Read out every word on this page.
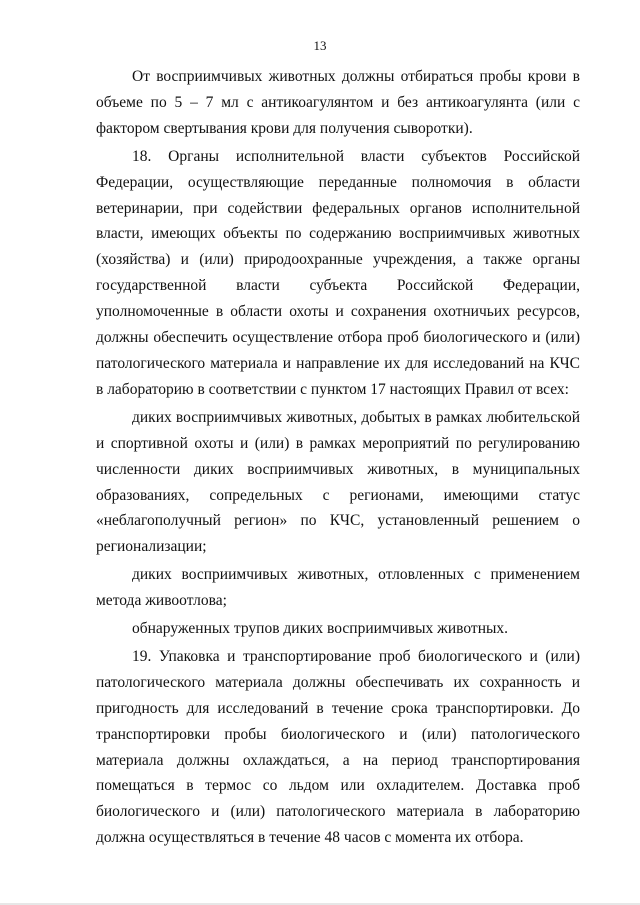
13

От восприимчивых животных должны отбираться пробы крови в объеме по 5 – 7 мл с антикоагулянтом и без антикоагулянта (или с фактором свертывания крови для получения сыворотки).

18. Органы исполнительной власти субъектов Российской Федерации, осуществляющие переданные полномочия в области ветеринарии, при содействии федеральных органов исполнительной власти, имеющих объекты по содержанию восприимчивых животных (хозяйства) и (или) природоохранные учреждения, а также органы государственной власти субъекта Российской Федерации, уполномоченные в области охоты и сохранения охотничьих ресурсов, должны обеспечить осуществление отбора проб биологического и (или) патологического материала и направление их для исследований на КЧС в лабораторию в соответствии с пунктом 17 настоящих Правил от всех:

диких восприимчивых животных, добытых в рамках любительской и спортивной охоты и (или) в рамках мероприятий по регулированию численности диких восприимчивых животных, в муниципальных образованиях, сопредельных с регионами, имеющими статус «неблагополучный регион» по КЧС, установленный решением о регионализации;

диких восприимчивых животных, отловленных с применением метода живоотлова;

обнаруженных трупов диких восприимчивых животных.

19. Упаковка и транспортирование проб биологического и (или) патологического материала должны обеспечивать их сохранность и пригодность для исследований в течение срока транспортировки. До транспортировки пробы биологического и (или) патологического материала должны охлаждаться, а на период транспортирования помещаться в термос со льдом или охладителем. Доставка проб биологического и (или) патологического материала в лабораторию должна осуществляться в течение 48 часов с момента их отбора.
